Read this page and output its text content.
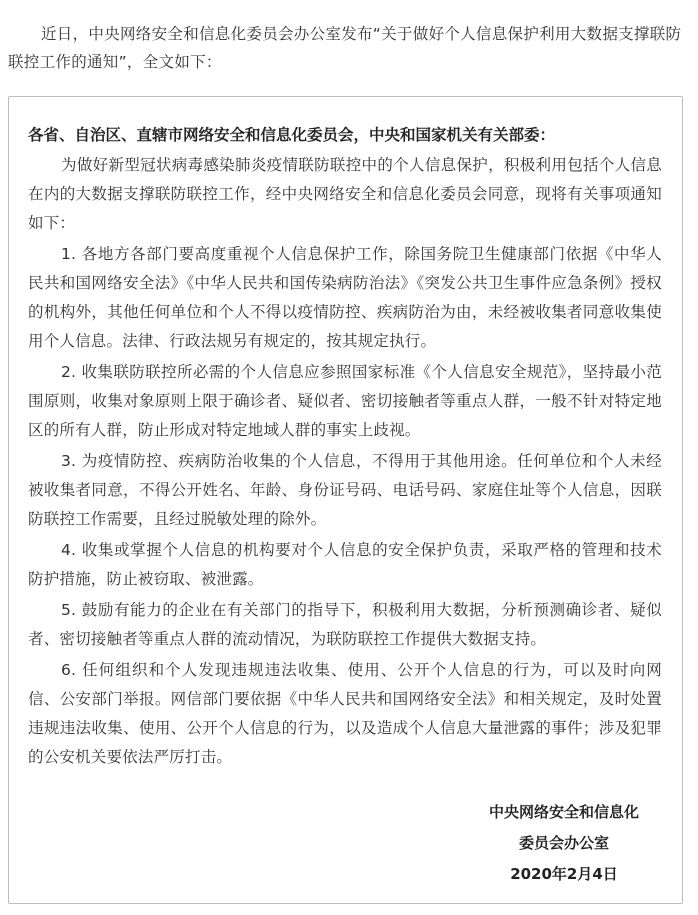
近日，中央网络安全和信息化委员会办公室发布“关于做好个人信息保护利用大数据支撑联防联控工作的通知”，全文如下：

各省、自治区、直辖市网络安全和信息化委员会，中央和国家机关有关部委：

为做好新型冠状病毒感染肺炎疫情联防联控中的个人信息保护，积极利用包括个人信息在内的大数据支撑联防联控工作，经中央网络安全和信息化委员会同意，现将有关事项通知如下：

1. 各地方各部门要高度重视个人信息保护工作，除国务院卫生健康部门依据《中华人民共和国网络安全法》《中华人民共和国传染病防治法》《突发公共卫生事件应急条例》授权的机构外，其他任何单位和个人不得以疫情防控、疾病防治为由，未经被收集者同意收集使用个人信息。法律、行政法规另有规定的，按其规定执行。

2. 收集联防联控所必需的个人信息应参照国家标准《个人信息安全规范》，坚持最小范围原则，收集对象原则上限于确诊者、疑似者、密切接触者等重点人群，一般不针对特定地区的所有人群，防止形成对特定地域人群的事实上歧视。

3. 为疫情防控、疾病防治收集的个人信息，不得用于其他用途。任何单位和个人未经被收集者同意，不得公开姓名、年龄、身份证号码、电话号码、家庭住址等个人信息，因联防联控工作需要，且经过脱敏处理的除外。

4. 收集或掌握个人信息的机构要对个人信息的安全保护负责，采取严格的管理和技术防护措施，防止被窃取、被泄露。

5. 鼓励有能力的企业在有关部门的指导下，积极利用大数据，分析预测确诊者、疑似者、密切接触者等重点人群的流动情况，为联防联控工作提供大数据支持。

6. 任何组织和个人发现违规违法收集、使用、公开个人信息的行为，可以及时向网信、公安部门举报。网信部门要依据《中华人民共和国网络安全法》和相关规定，及时处置违规违法收集、使用、公开个人信息的行为，以及造成个人信息大量泄露的事件；涉及犯罪的公安机关要依法严厉打击。

中央网络安全和信息化
委员会办公室
2020年2月4日
